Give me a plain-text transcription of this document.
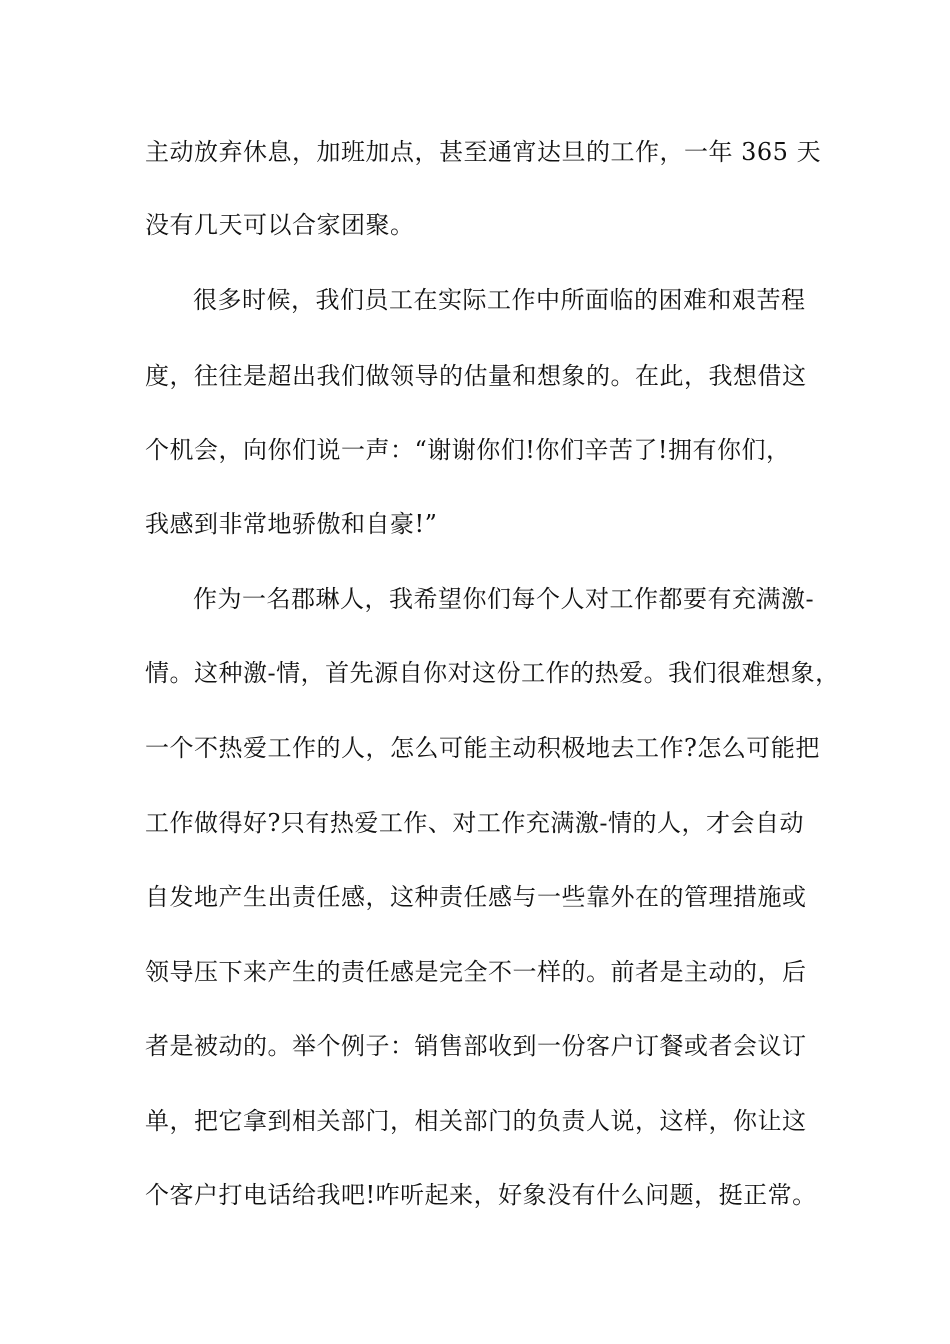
主动放弃休息，加班加点，甚至通宵达旦的工作，一年 365 天
没有几天可以合家团聚。
很多时候，我们员工在实际工作中所面临的困难和艰苦程
度，往往是超出我们做领导的估量和想象的。在此，我想借这
个机会，向你们说一声：“谢谢你们!你们辛苦了!拥有你们，
我感到非常地骄傲和自豪!”
作为一名郡琳人，我希望你们每个人对工作都要有充满激-
情。这种激-情，首先源自你对这份工作的热爱。我们很难想象，
一个不热爱工作的人，怎么可能主动积极地去工作?怎么可能把
工作做得好?只有热爱工作、对工作充满激-情的人，才会自动
自发地产生出责任感，这种责任感与一些靠外在的管理措施或
领导压下来产生的责任感是完全不一样的。前者是主动的，后
者是被动的。举个例子：销售部收到一份客户订餐或者会议订
单，把它拿到相关部门，相关部门的负责人说，这样，你让这
个客户打电话给我吧!咋听起来，好象没有什么问题，挺正常。
